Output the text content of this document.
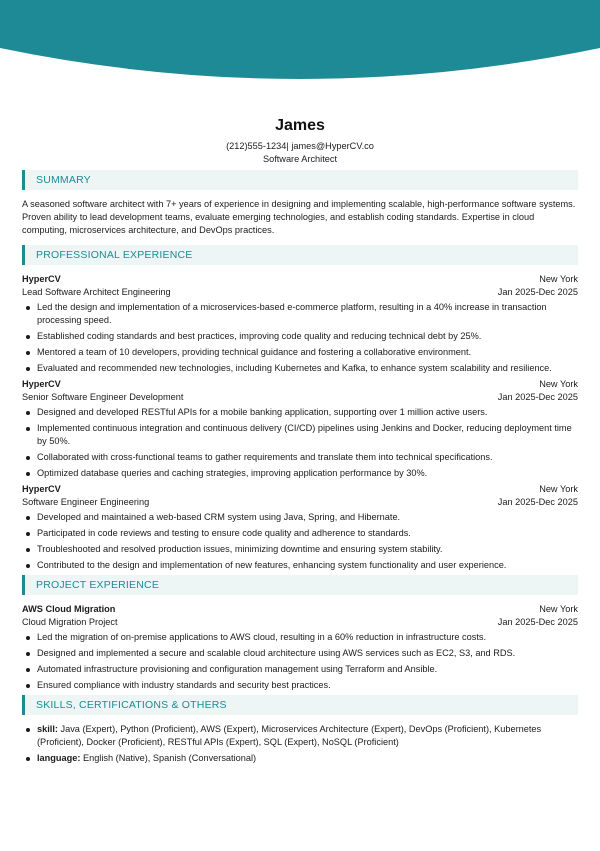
James
(212)555-1234| james@HyperCV.co
Software Architect
SUMMARY

A seasoned software architect with 7+ years of experience in designing and implementing scalable, high-performance software systems. Proven ability to lead development teams, evaluate emerging technologies, and establish coding standards. Expertise in cloud computing, microservices architecture, and DevOps practices.

PROFESSIONAL EXPERIENCE
HyperCV	New York
Lead Software Architect Engineering	Jan 2025-Dec 2025
Led the design and implementation of a microservices-based e-commerce platform, resulting in a 40% increase in transaction processing speed.
Established coding standards and best practices, improving code quality and reducing technical debt by 25%.
Mentored a team of 10 developers, providing technical guidance and fostering a collaborative environment.
Evaluated and recommended new technologies, including Kubernetes and Kafka, to enhance system scalability and resilience.
HyperCV	New York
Senior Software Engineer Development	Jan 2025-Dec 2025
Designed and developed RESTful APIs for a mobile banking application, supporting over 1 million active users.
Implemented continuous integration and continuous delivery (CI/CD) pipelines using Jenkins and Docker, reducing deployment time by 50%.
Collaborated with cross-functional teams to gather requirements and translate them into technical specifications.
Optimized database queries and caching strategies, improving application performance by 30%.
HyperCV	New York
Software Engineer Engineering	Jan 2025-Dec 2025
Developed and maintained a web-based CRM system using Java, Spring, and Hibernate.
Participated in code reviews and testing to ensure code quality and adherence to standards.
Troubleshooted and resolved production issues, minimizing downtime and ensuring system stability.
Contributed to the design and implementation of new features, enhancing system functionality and user experience.
PROJECT EXPERIENCE
AWS Cloud Migration	New York
Cloud Migration Project	Jan 2025-Dec 2025
Led the migration of on-premise applications to AWS cloud, resulting in a 60% reduction in infrastructure costs.
Designed and implemented a secure and scalable cloud architecture using AWS services such as EC2, S3, and RDS.
Automated infrastructure provisioning and configuration management using Terraform and Ansible.
Ensured compliance with industry standards and security best practices.
SKILLS, CERTIFICATIONS & OTHERS
skill: Java (Expert), Python (Proficient), AWS (Expert), Microservices Architecture (Expert), DevOps (Proficient), Kubernetes (Proficient), Docker (Proficient), RESTful APIs (Expert), SQL (Expert), NoSQL (Proficient)
language: English (Native), Spanish (Conversational)
